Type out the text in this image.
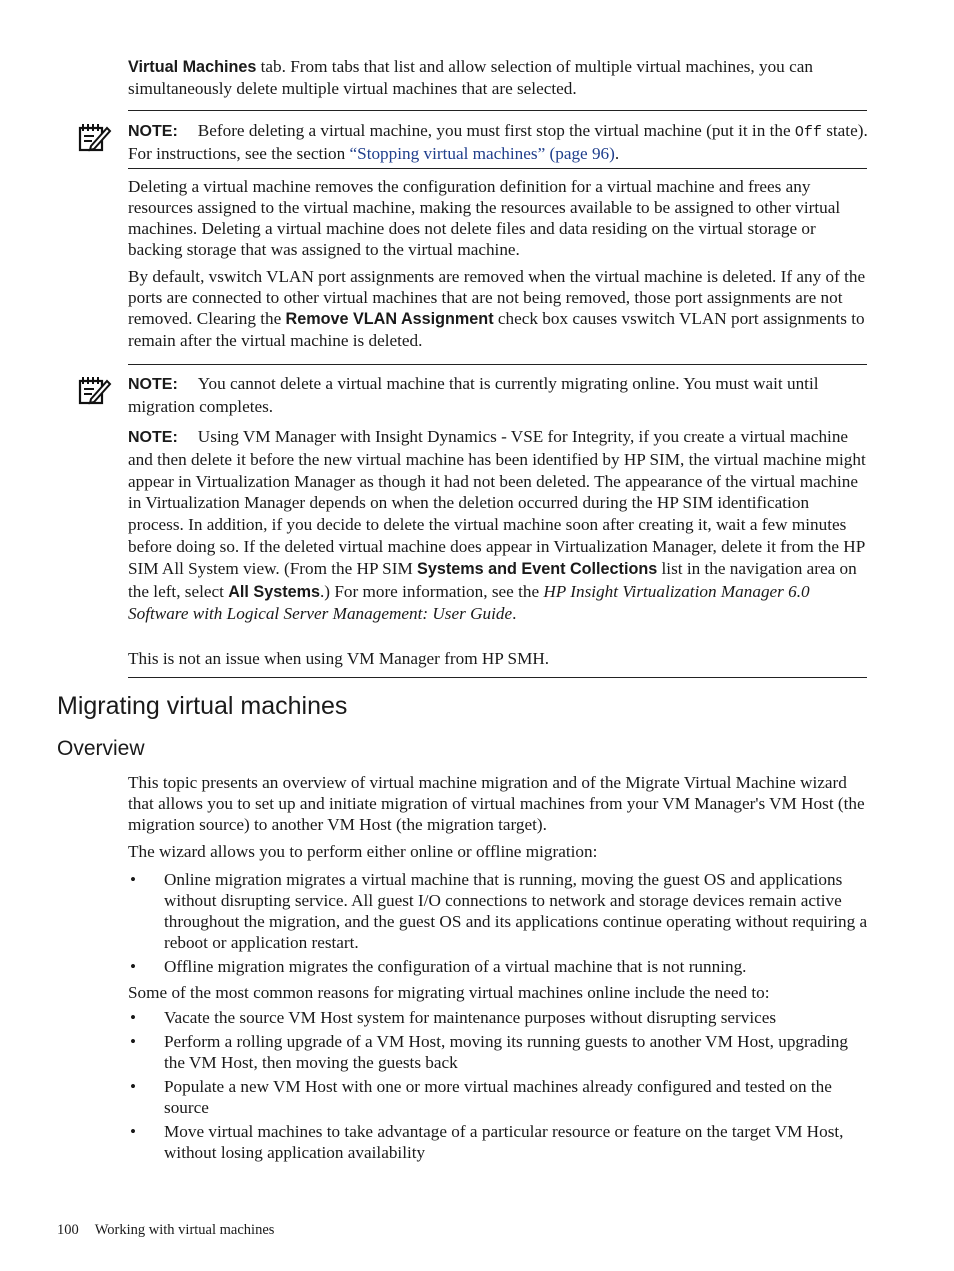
Virtual Machines tab. From tabs that list and allow selection of multiple virtual machines, you can simultaneously delete multiple virtual machines that are selected.

NOTE: Before deleting a virtual machine, you must first stop the virtual machine (put it in the Off state). For instructions, see the section “Stopping virtual machines” (page 96).

Deleting a virtual machine removes the configuration definition for a virtual machine and frees any resources assigned to the virtual machine, making the resources available to be assigned to other virtual machines. Deleting a virtual machine does not delete files and data residing on the virtual storage or backing storage that was assigned to the virtual machine.

By default, vswitch VLAN port assignments are removed when the virtual machine is deleted. If any of the ports are connected to other virtual machines that are not being removed, those port assignments are not removed. Clearing the Remove VLAN Assignment check box causes vswitch VLAN port assignments to remain after the virtual machine is deleted.

NOTE: You cannot delete a virtual machine that is currently migrating online. You must wait until migration completes.

NOTE: Using VM Manager with Insight Dynamics - VSE for Integrity, if you create a virtual machine and then delete it before the new virtual machine has been identified by HP SIM, the virtual machine might appear in Virtualization Manager as though it had not been deleted. The appearance of the virtual machine in Virtualization Manager depends on when the deletion occurred during the HP SIM identification process. In addition, if you decide to delete the virtual machine soon after creating it, wait a few minutes before doing so. If the deleted virtual machine does appear in Virtualization Manager, delete it from the HP SIM All System view. (From the HP SIM Systems and Event Collections list in the navigation area on the left, select All Systems.) For more information, see the HP Insight Virtualization Manager 6.0 Software with Logical Server Management: User Guide.

This is not an issue when using VM Manager from HP SMH.

Migrating virtual machines
Overview

This topic presents an overview of virtual machine migration and of the Migrate Virtual Machine wizard that allows you to set up and initiate migration of virtual machines from your VM Manager's VM Host (the migration source) to another VM Host (the migration target).

The wizard allows you to perform either online or offline migration:

• Online migration migrates a virtual machine that is running, moving the guest OS and applications without disrupting service. All guest I/O connections to network and storage devices remain active throughout the migration, and the guest OS and its applications continue operating without requiring a reboot or application restart.
• Offline migration migrates the configuration of a virtual machine that is not running.

Some of the most common reasons for migrating virtual machines online include the need to:

• Vacate the source VM Host system for maintenance purposes without disrupting services
• Perform a rolling upgrade of a VM Host, moving its running guests to another VM Host, upgrading the VM Host, then moving the guests back
• Populate a new VM Host with one or more virtual machines already configured and tested on the source
• Move virtual machines to take advantage of a particular resource or feature on the target VM Host, without losing application availability
100 Working with virtual machines
